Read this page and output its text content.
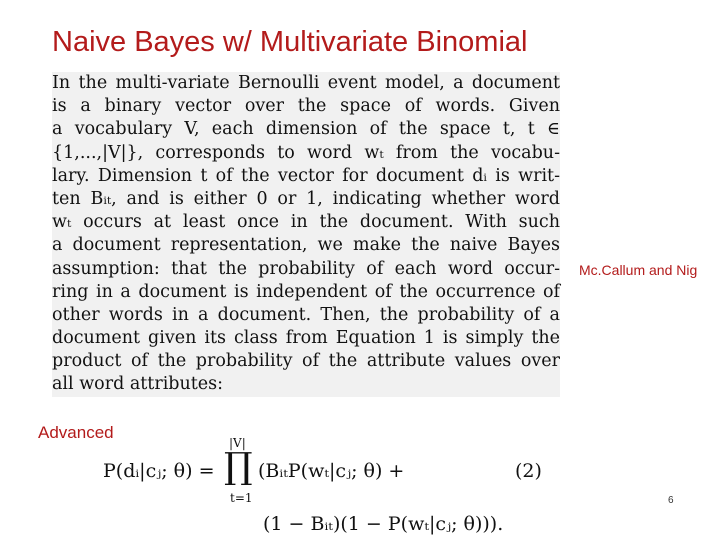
Naive Bayes w/ Multivariate Binomial
In the multi-variate Bernoulli event model, a document
is a binary vector over the space of words. Given
a vocabulary V, each dimension of the space t, t ∈
{1,...,|V|}, corresponds to word wₜ from the vocabu-
lary. Dimension t of the vector for document dᵢ is writ-
ten Bᵢₜ, and is either 0 or 1, indicating whether word
wₜ occurs at least once in the document. With such
a document representation, we make the naive Bayes
assumption: that the probability of each word occur-
ring in a document is independent of the occurrence of
other words in a document. Then, the probability of a
document given its class from Equation 1 is simply the
product of the probability of the attribute values over
all word attributes:
Mc.Callum and Nig
Advanced
P(dᵢ|cⱼ; θ) =
|V|
∏
t=1
(BᵢₜP(wₜ|cⱼ; θ) +	(2)
(1 − Bᵢₜ)(1 − P(wₜ|cⱼ; θ))).
6
